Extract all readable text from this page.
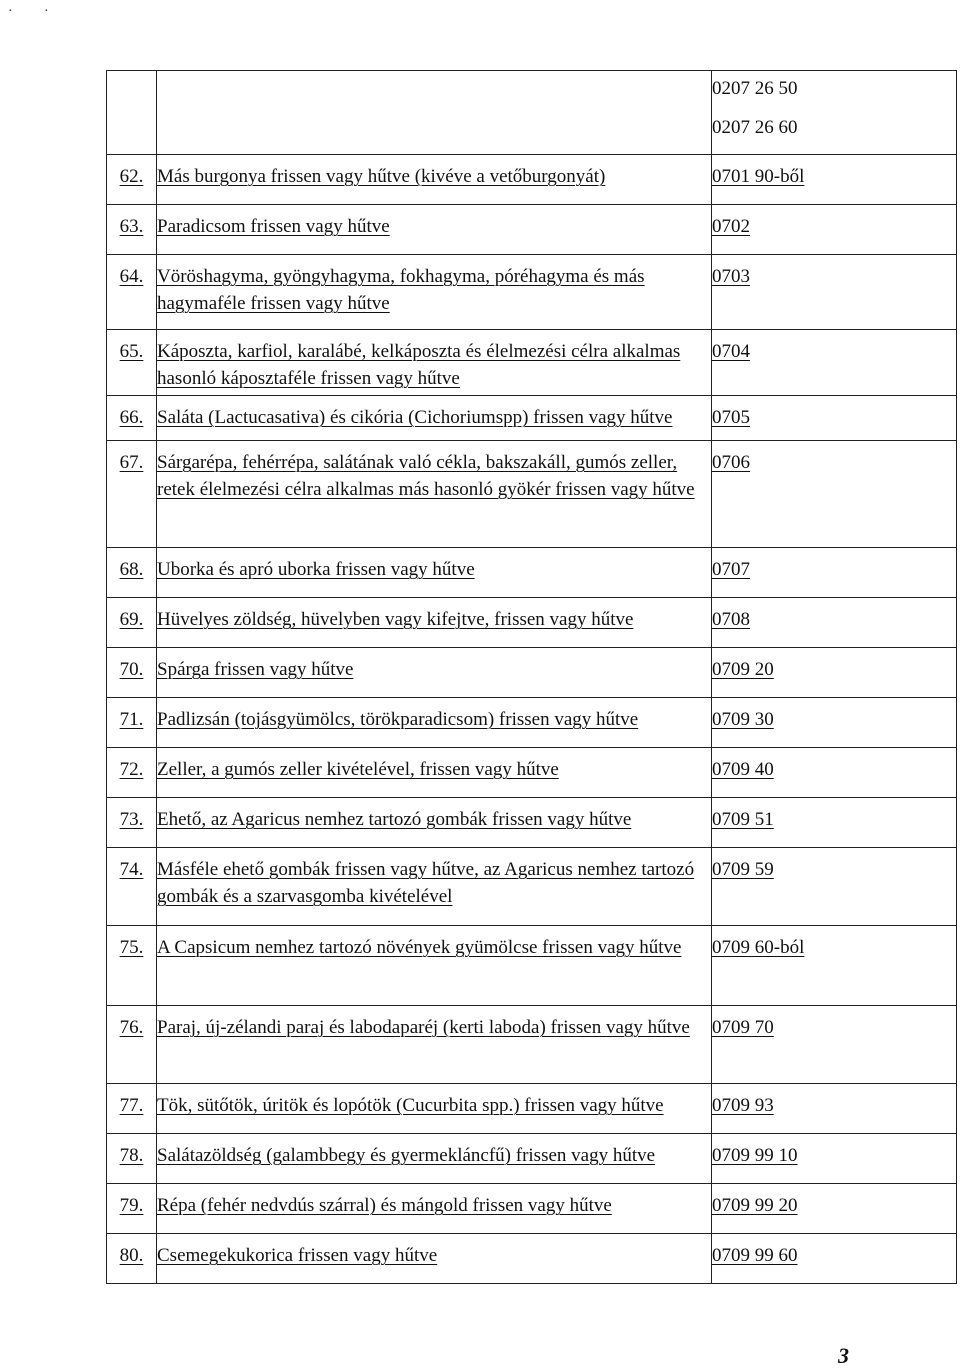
· ·

		0207 26 50
0207 26 60

62.	Más burgonya frissen vagy hűtve (kivéve a vetőburgonyát)	0701 90-ből
63.	Paradicsom frissen vagy hűtve	0702
64.	Vöröshagyma, gyöngyhagyma, fokhagyma, póréhagyma és más hagymaféle frissen vagy hűtve	0703
65.	Káposzta, karfiol, karalábé, kelkáposzta és élelmezési célra alkalmas hasonló káposztaféle frissen vagy hűtve	0704
66.	Saláta (Lactucasativa) és cikória (Cichoriumspp) frissen vagy hűtve	0705
67.	Sárgarépa, fehérrépa, salátának való cékla, bakszakáll, gumós zeller, retek élelmezési célra alkalmas más hasonló gyökér frissen vagy hűtve	0706
68.	Uborka és apró uborka frissen vagy hűtve	0707
69.	Hüvelyes zöldség, hüvelyben vagy kifejtve, frissen vagy hűtve	0708
70.	Spárga frissen vagy hűtve	0709 20
71.	Padlizsán (tojásgyümölcs, törökparadicsom) frissen vagy hűtve	0709 30
72.	Zeller, a gumós zeller kivételével, frissen vagy hűtve	0709 40
73.	Ehető, az Agaricus nemhez tartozó gombák frissen vagy hűtve	0709 51
74.	Másféle ehető gombák frissen vagy hűtve, az Agaricus nemhez tartozó gombák és a szarvasgomba kivételével	0709 59
75.	A Capsicum nemhez tartozó növények gyümölcse frissen vagy hűtve	0709 60-ból
76.	Paraj, új-zélandi paraj és labodaparéj (kerti laboda) frissen vagy hűtve	0709 70
77.	Tök, sütőtök, úritök és lopótök (Cucurbita spp.) frissen vagy hűtve	0709 93
78.	Salátazöldség (galambbegy és gyermekláncfű) frissen vagy hűtve	0709 99 10
79.	Répa (fehér nedvdús szárral) és mángold frissen vagy hűtve	0709 99 20
80.	Csemegekukorica frissen vagy hűtve	0709 99 60
3
